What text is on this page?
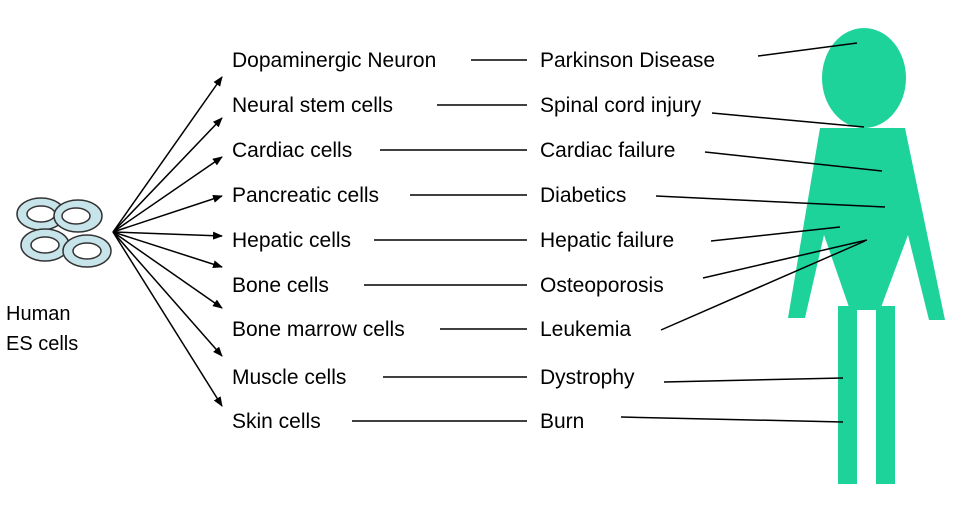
Human
ES cells
Dopaminergic Neuron
Neural stem cells
Cardiac cells
Pancreatic cells
Hepatic cells
Bone cells
Bone marrow cells
Muscle cells
Skin cells
Parkinson Disease
Spinal cord injury
Cardiac failure
Diabetics
Hepatic failure
Osteoporosis
Leukemia
Dystrophy
Burn
